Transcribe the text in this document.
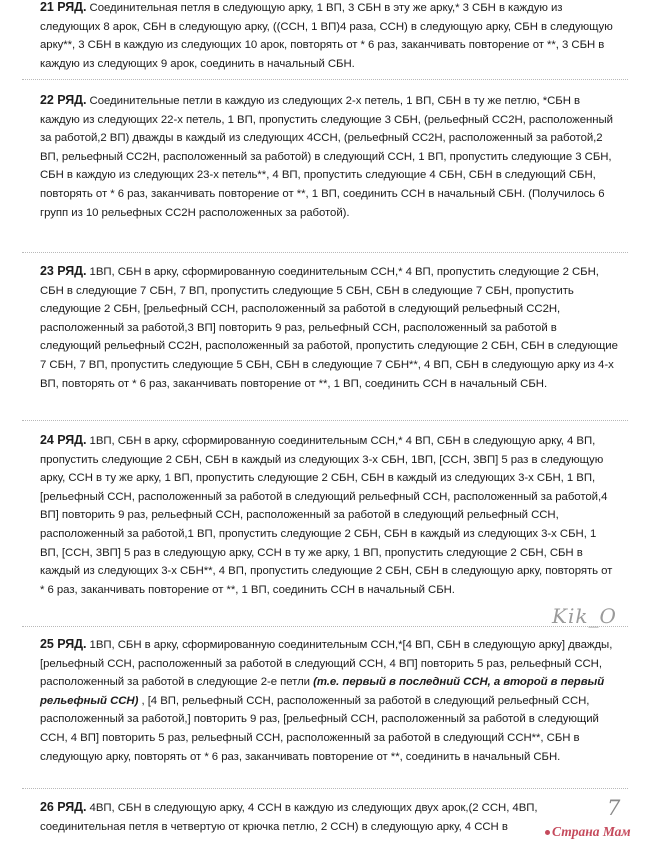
21 РЯД. Соединительная петля в следующую арку, 1 ВП, 3 СБН в эту же арку,* 3 СБН в каждую из следующих 8 арок, СБН в следующую арку, ((ССН, 1 ВП)4 раза, ССН) в следующую арку, СБН в следующую арку**, 3 СБН в каждую из следующих 10 арок, повторять от * 6 раз, заканчивать повторение от **, 3 СБН в каждую из следующих 9 арок, соединить в начальный СБН.

22 РЯД. Соединительные петли в каждую из следующих 2-х петель, 1 ВП, СБН в ту же петлю, *СБН в каждую из следующих 22-х петель, 1 ВП, пропустить следующие 3 СБН, (рельефный СС2Н, расположенный за работой,2 ВП) дважды в каждый из следующих 4ССН, (рельефный СС2Н, расположенный за работой,2 ВП, рельефный СС2Н, расположенный за работой) в следующий ССН, 1 ВП, пропустить следующие 3 СБН, СБН в каждую из следующих 23-х петель**, 4 ВП, пропустить следующие 4 СБН, СБН в следующий СБН, повторять от * 6 раз, заканчивать повторение от **, 1 ВП, соединить ССН в начальный СБН. (Получилось 6 групп из 10 рельефных СС2Н расположенных за работой).

23 РЯД. 1ВП, СБН в арку, сформированную соединительным ССН,* 4 ВП, пропустить следующие 2 СБН, СБН в следующие 7 СБН, 7 ВП, пропустить следующие 5 СБН, СБН в следующие 7 СБН, пропустить следующие 2 СБН, [рельефный ССН, расположенный за работой в следующий рельефный СС2Н, расположенный за работой,3 ВП] повторить 9 раз, рельефный ССН, расположенный за работой в следующий рельефный СС2Н, расположенный за работой, пропустить следующие 2 СБН, СБН в следующие 7 СБН, 7 ВП, пропустить следующие 5 СБН, СБН в следующие 7 СБН**, 4 ВП, СБН в следующую арку из 4-х ВП, повторять от * 6 раз, заканчивать повторение от **, 1 ВП, соединить ССН в начальный СБН.

24 РЯД. 1ВП, СБН в арку, сформированную соединительным ССН,* 4 ВП, СБН в следующую арку, 4 ВП, пропустить следующие 2 СБН, СБН в каждый из следующих 3-х СБН, 1ВП, [ССН, 3ВП] 5 раз в следующую арку, ССН в ту же арку, 1 ВП, пропустить следующие 2 СБН, СБН в каждый из следующих 3-х СБН, 1 ВП, [рельефный ССН, расположенный за работой в следующий рельефный ССН, расположенный за работой,4 ВП] повторить 9 раз, рельефный ССН, расположенный за работой в следующий рельефный ССН, расположенный за работой,1 ВП, пропустить следующие 2 СБН, СБН в каждый из следующих 3-х СБН, 1 ВП, [ССН, 3ВП] 5 раз в следующую арку, ССН в ту же арку, 1 ВП, пропустить следующие 2 СБН, СБН в каждый из следующих 3-х СБН**, 4 ВП, пропустить следующие 2 СБН, СБН в следующую арку, повторять от * 6 раз, заканчивать повторение от **, 1 ВП, соединить ССН в начальный СБН.

25 РЯД. 1ВП, СБН в арку, сформированную соединительным ССН,*[4 ВП, СБН в следующую арку] дважды, [рельефный ССН, расположенный за работой в следующий ССН, 4 ВП] повторить 5 раз, рельефный ССН, расположенный за работой в следующие 2-е петли (т.е. первый в последний ССН, а второй в первый рельефный ССН) , [4 ВП, рельефный ССН, расположенный за работой в следующий рельефный ССН, расположенный за работой,] повторить 9 раз, [рельефный ССН, расположенный за работой в следующий ССН, 4 ВП] повторить 5 раз, рельефный ССН, расположенный за работой в следующий ССН**, СБН в следующую арку, повторять от * 6 раз, заканчивать повторение от **, соединить в начальный СБН.

26 РЯД. 4ВП, СБН в следующую арку, 4 ССН в каждую из следующих двух арок,(2 ССН, 4ВП, соединительная петля в четвертую от крючка петлю, 2 ССН) в следующую арку, 4 ССН в

Kik_O
7
Страна Мам
